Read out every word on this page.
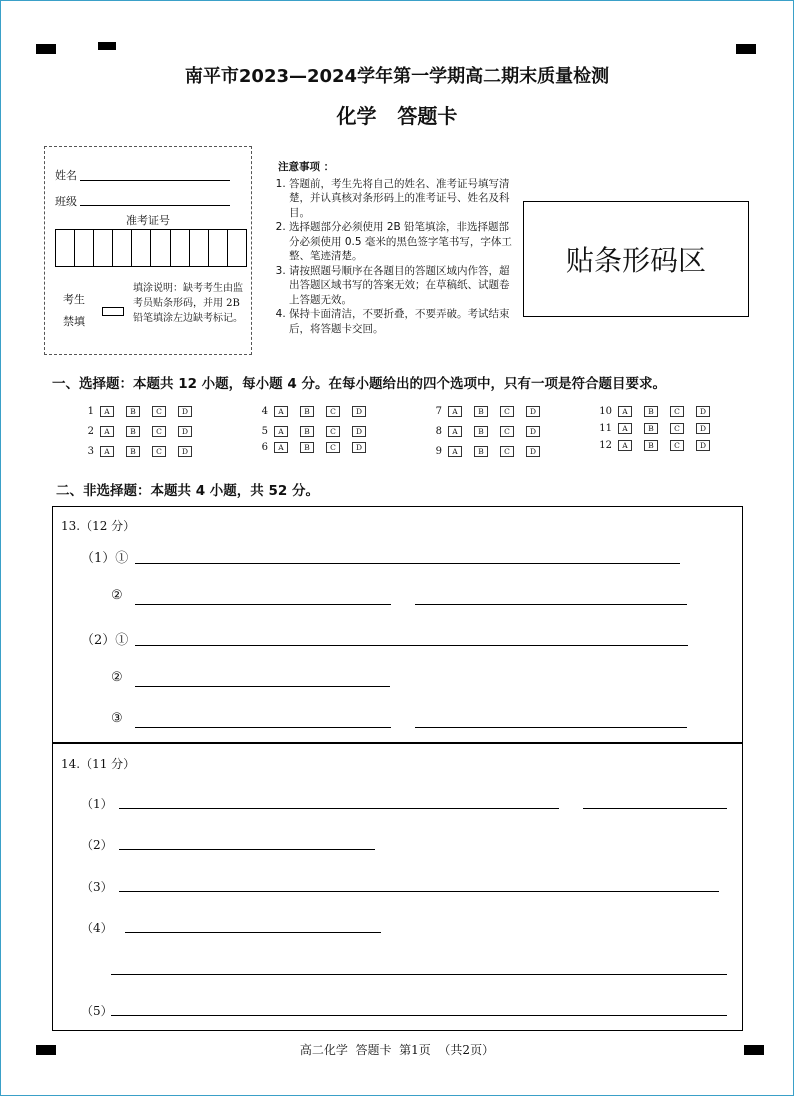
南平市2023—2024学年第一学期高二期末质量检测
化学   答题卡
姓名
班级
准考证号
考生
禁填
填涂说明：缺考考生由监考员贴条形码，并用 2B 铅笔填涂左边缺考标记。
注意事项 ：
1. 答题前，考生先将自己的姓名、准考证号填写清楚，并认真核对条形码上的准考证号、姓名及科目。
2. 选择题部分必须使用 2B 铅笔填涂，非选择题部分必须使用 0.5 毫米的黑色签字笔书写，字体工整、笔迹清楚。
3. 请按照题号顺序在各题目的答题区域内作答，超出答题区域书写的答案无效；在草稿纸、试题卷上答题无效。
4. 保持卡面清洁，不要折叠，不要弄破。考试结束后，将答题卡交回。
贴条形码区
一、选择题：本题共 12 小题，每小题 4 分。在每小题给出的四个选项中，只有一项是符合题目要求。
1	A	B	C	D
2	A	B	C	D
3	A	B	C	D
4	A	B	C	D
5	A	B	C	D
6	A	B	C	D
7	A	B	C	D
8	A	B	C	D
9	A	B	C	D
10	A	B	C	D
11	A	B	C	D
12	A	B	C	D
二、非选择题：本题共 4 小题，共 52 分。
13.（12 分）
（1）①
②
（2）①
②
③
14.（11 分）
（1）
（2）
（3）
（4）
（5）
高二化学  答题卡  第1页  （共2页）
